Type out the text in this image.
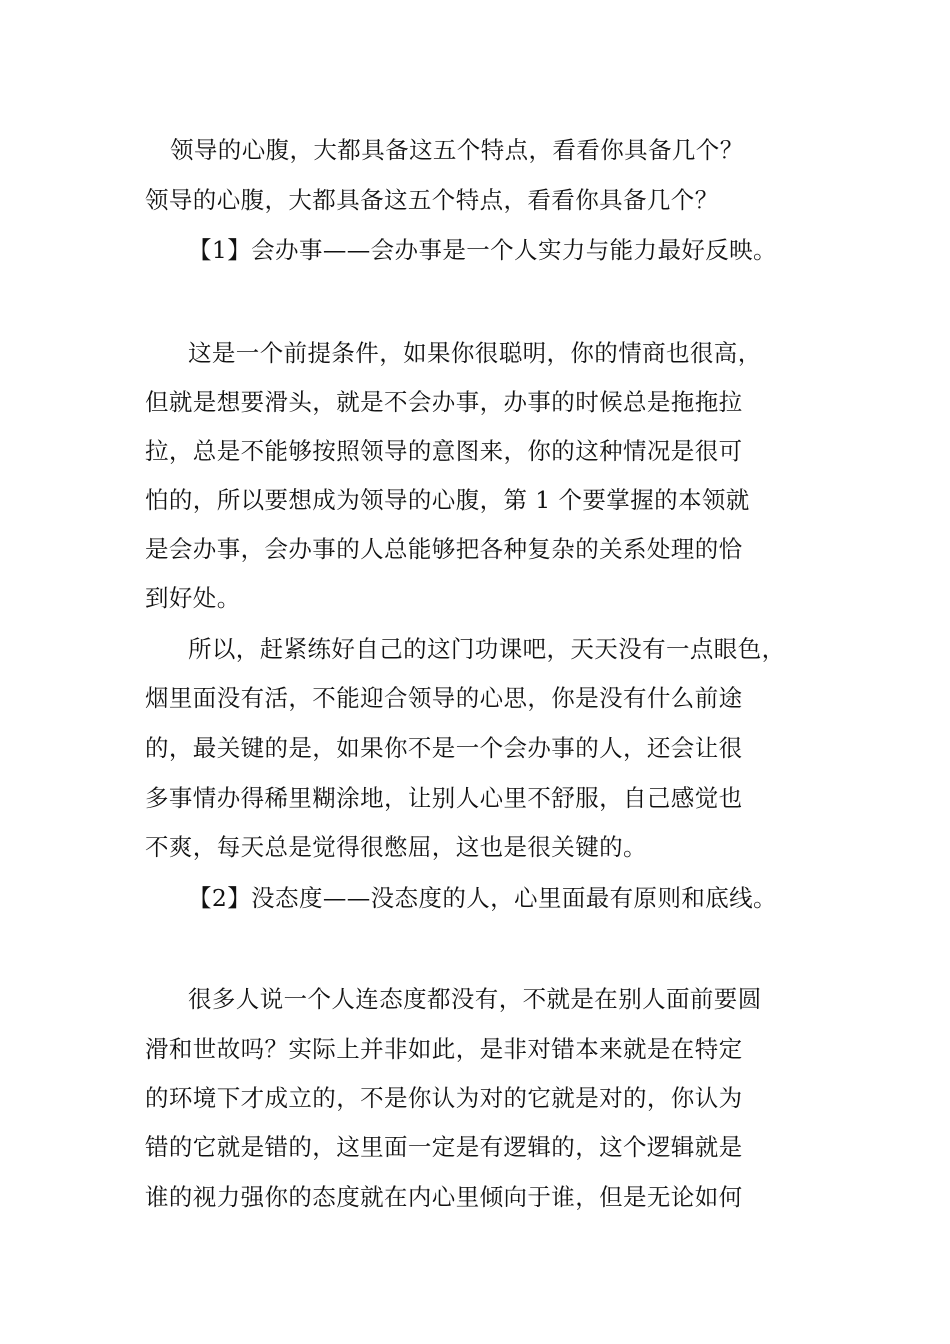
领导的心腹，大都具备这五个特点，看看你具备几个？
领导的心腹，大都具备这五个特点，看看你具备几个？
【1】会办事——会办事是一个人实力与能力最好反映。
这是一个前提条件，如果你很聪明，你的情商也很高，
但就是想要滑头，就是不会办事，办事的时候总是拖拖拉
拉，总是不能够按照领导的意图来，你的这种情况是很可
怕的，所以要想成为领导的心腹，第 1 个要掌握的本领就
是会办事，会办事的人总能够把各种复杂的关系处理的恰
到好处。
所以，赶紧练好自己的这门功课吧，天天没有一点眼色，
烟里面没有活，不能迎合领导的心思，你是没有什么前途
的，最关键的是，如果你不是一个会办事的人，还会让很
多事情办得稀里糊涂地，让别人心里不舒服，自己感觉也
不爽，每天总是觉得很憋屈，这也是很关键的。
【2】没态度——没态度的人，心里面最有原则和底线。
很多人说一个人连态度都没有，不就是在别人面前要圆
滑和世故吗？实际上并非如此，是非对错本来就是在特定
的环境下才成立的，不是你认为对的它就是对的，你认为
错的它就是错的，这里面一定是有逻辑的，这个逻辑就是
谁的视力强你的态度就在内心里倾向于谁，但是无论如何
